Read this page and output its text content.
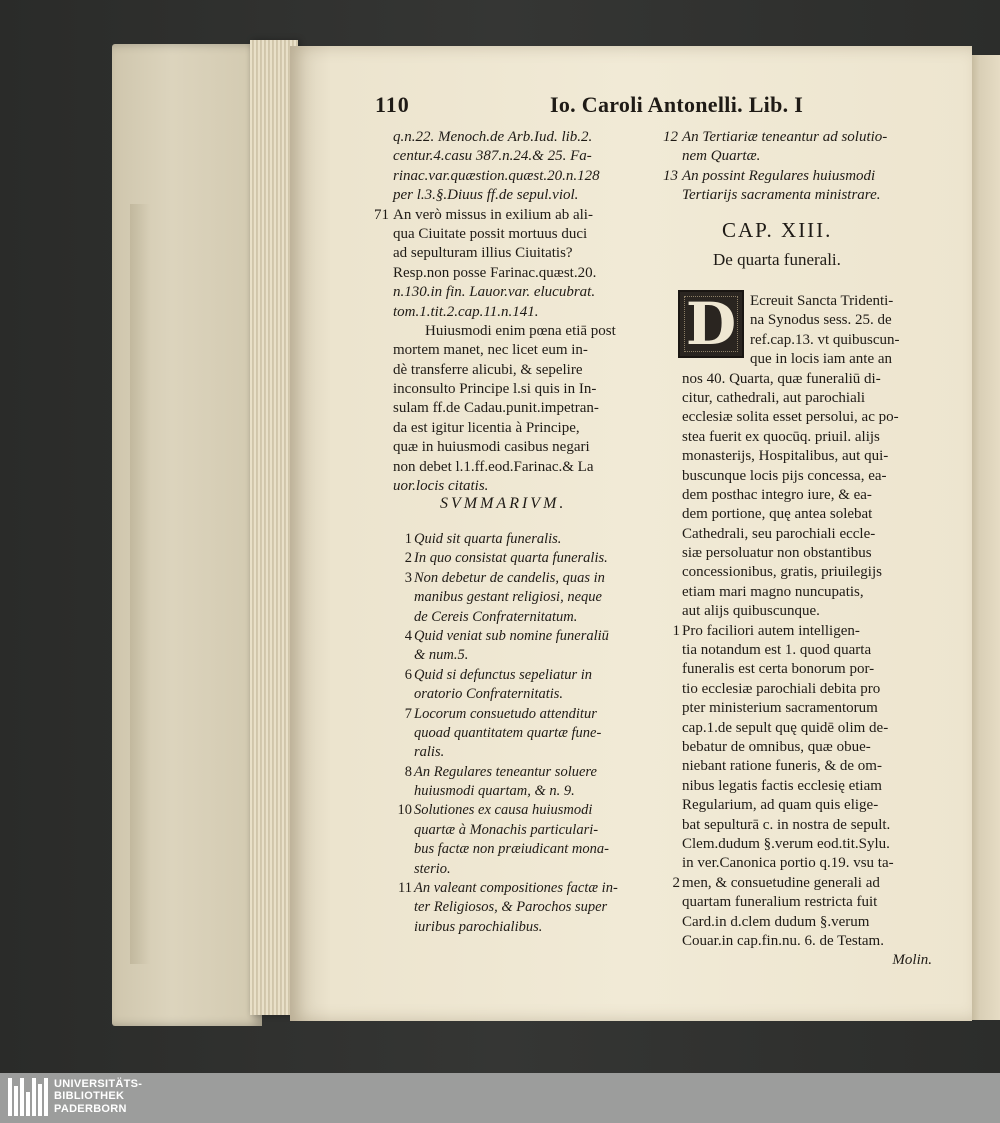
110	Io. Caroli Antonelli. Lib. I
q.n.22. Menoch.de Arb.Iud. lib.2.
centur.4.casu 387.n.24.& 25. Fa-
rinac.var.quæstion.quæst.20.n.128
per l.3.§.Diuus ff.de sepul.viol.
71 An verò missus in exilium ab ali-
qua Ciuitate possit mortuus duci
ad sepulturam illius Ciuitatis?
Resp.non posse Farinac.quæst.20.
n.130.in fin. Lauor.var. elucubrat.
tom.1.tit.2.cap.11.n.141.
Huiusmodi enim pœna etiā post
mortem manet, nec licet eum in-
dè transferre alicubi, & sepelire
inconsulto Principe l.si quis in In-
sulam ff.de Cadau.punit.impetran-
da est igitur licentia à Principe,
quæ in huiusmodi casibus negari
non debet l.1.ff.eod.Farinac.& La
uor.locis citatis.
SVMMARIVM.
1 Quid sit quarta funeralis.
2 In quo consistat quarta funeralis.
3 Non debetur de candelis, quas in
manibus gestant religiosi, neque
de Cereis Confraternitatum.
4 Quid veniat sub nomine funeraliū
& num.5.
6 Quid si defunctus sepeliatur in
oratorio Confraternitatis.
7 Locorum consuetudo attenditur
quoad quantitatem quartæ fune-
ralis.
8 An Regulares teneantur soluere
huiusmodi quartam, & n. 9.
10 Solutiones ex causa huiusmodi
quartæ à Monachis particulari-
bus factæ non præiudicant mona-
sterio.
11 An valeant compositiones factæ in-
ter Religiosos, & Parochos super
iuribus parochialibus.
12 An Tertiariæ teneantur ad solutio-
nem Quartæ.
13 An possint Regulares huiusmodi
Tertiarijs sacramenta ministrare.
CAP. XIII.
De quarta funerali.
D Ecreuit Sancta Tridenti-
na Synodus sess. 25. de
ref.cap.13. vt quibuscun-
que in locis iam ante an
nos 40. Quarta, quæ funeraliū di-
citur, cathedrali, aut parochiali
ecclesiæ solita esset persolui, ac po-
stea fuerit ex quocūq. priuil. alijs
monasterijs, Hospitalibus, aut qui-
buscunque locis pijs concessa, ea-
dem posthac integro iure, & ea-
dem portione, quę antea solebat
Cathedrali, seu parochiali eccle-
siæ persoluatur non obstantibus
concessionibus, gratis, priuilegijs
etiam mari magno nuncupatis,
aut alijs quibuscunque.
1 Pro faciliori autem intelligen-
tia notandum est 1. quod quarta
funeralis est certa bonorum por-
tio ecclesiæ parochiali debita pro
pter ministerium sacramentorum
cap.1.de sepult quę quidē olim de-
bebatur de omnibus, quæ obue-
niebant ratione funeris, & de om-
nibus legatis factis ecclesię etiam
Regularium, ad quam quis elige-
bat sepulturā c. in nostra de sepult.
Clem.dudum §.verum eod.tit.Sylu.
in ver.Canonica portio q.19. vsu ta-
2 men, & consuetudine generali ad
quartam funeralium restricta fuit
Card.in d.clem dudum §.verum
Couar.in cap.fin.nu. 6. de Testam.
Molin.
UNIVERSITÄTS-
BIBLIOTHEK
PADERBORN
